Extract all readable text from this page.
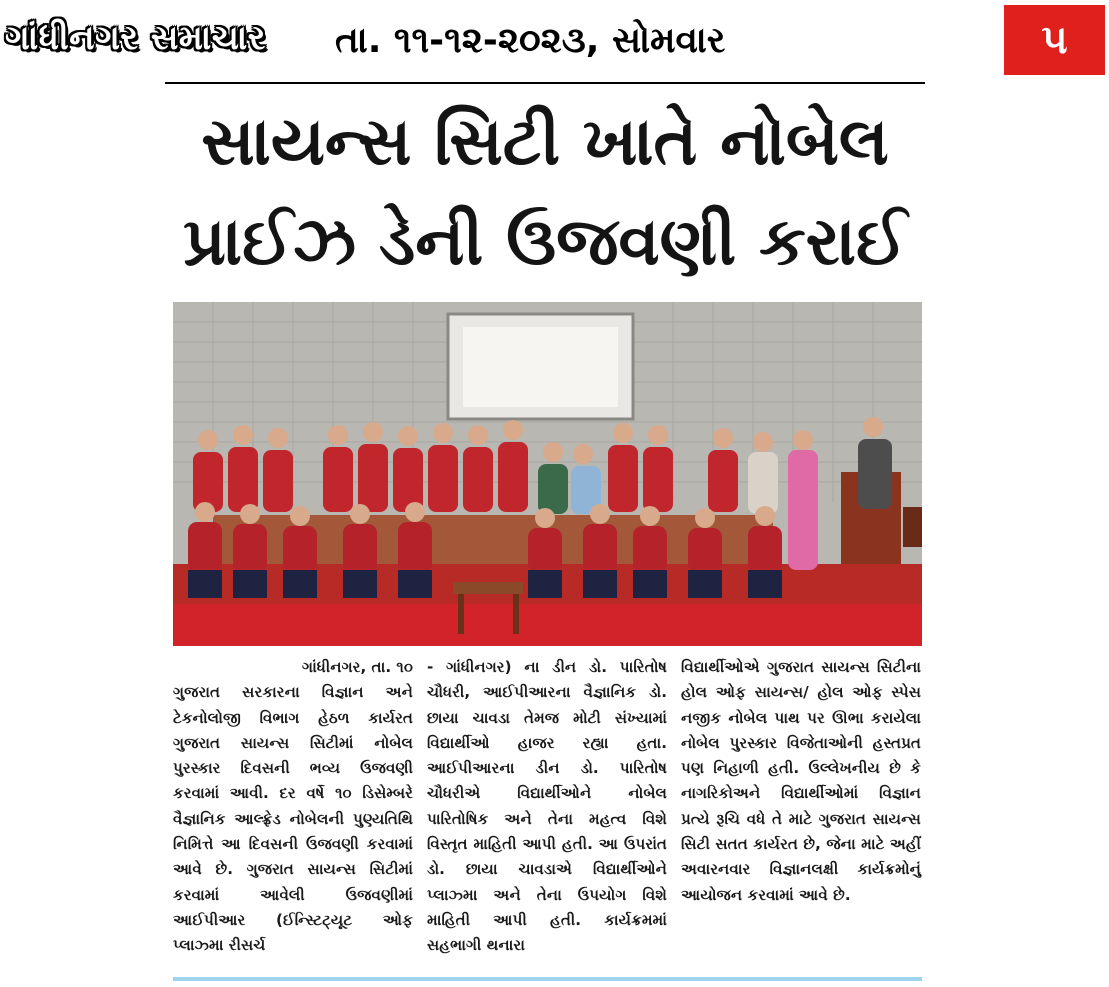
ગાંધીનગર સમાચાર તા. ૧૧-૧૨-૨૦૨૩, સોમવાર	૫
સાયન્સ સિટી ખાતે નોબેલ
પ્રાઈઝ ડેની ઉજવણી કરાઈ
ગાંધીનગર, તા. ૧૦

ગુજરાત સરકારના વિજ્ઞાન અને ટેકનોલોજી વિભાગ હેઠળ કાર્યરત ગુજરાત સાયન્સ સિટીમાં નોબેલ પુરસ્કાર દિવસની ભવ્ય ઉજવણી કરવામાં આવી. દર વર્ષે ૧૦ ડિસેમ્બરે વૈજ્ઞાનિક આલ્ફ્રેડ નોબેલની પુણ્યતિથિ નિમિત્તે આ દિવસની ઉજવણી કરવામાં આવે છે. ગુજરાત સાયન્સ સિટીમાં કરવામાં આવેલી ઉજવણીમાં આઈપીઆર (ઈન્સ્ટિટ્યૂટ ઓફ પ્લાઝ્મા રીસર્ચ

- ગાંધીનગર) ના ડીન ડો. પારિતોષ ચૌધરી, આઈપીઆરના વૈજ્ઞાનિક ડો. છાયા ચાવડા તેમજ મોટી સંખ્યામાં વિદ્યાર્થીઓ હાજર રહ્યા હતા. આઈપીઆરના ડીન ડો. પારિતોષ ચૌધરીએ વિદ્યાર્થીઓને નોબેલ પારિતોષિક અને તેના મહત્વ વિશે વિસ્તૃત માહિતી આપી હતી. આ ઉપરાંત ડો. છાયા ચાવડાએ વિદ્યાર્થીઓને પ્લાઝ્મા અને તેના ઉપયોગ વિશે માહિતી આપી હતી. કાર્યક્રમમાં સહભાગી થનારા

વિદ્યાર્થીઓએ ગુજરાત સાયન્સ સિટીના હોલ ઓફ સાયન્સ/ હોલ ઓફ સ્પેસ નજીક નોબેલ પાથ પર ઊભા કરાયેલા નોબેલ પુરસ્કાર વિજેતાઓની હસ્તપ્રત પણ નિહાળી હતી. ઉલ્લેખનીય છે કે નાગરિકોઅને વિદ્યાર્થીઓમાં વિજ્ઞાન પ્રત્યે રૂચિ વધે તે માટે ગુજરાત સાયન્સ સિટી સતત કાર્યરત છે, જેના માટે અહીં અવારનવાર વિજ્ઞાનલક્ષી કાર્યક્રમોનું આયોજન કરવામાં આવે છે.
